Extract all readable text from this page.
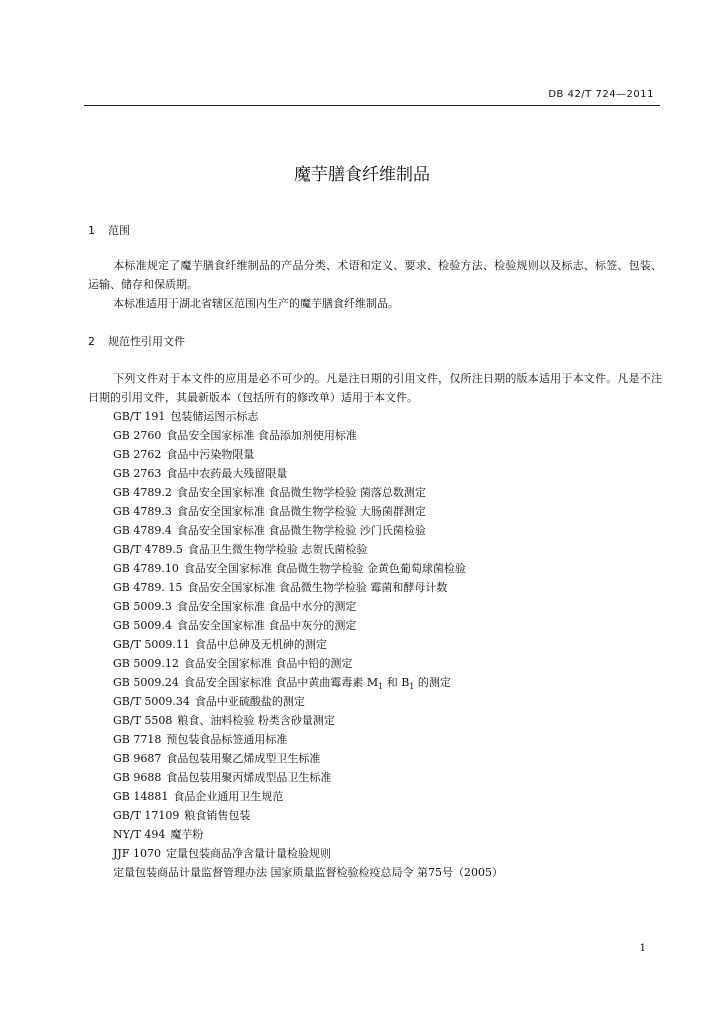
DB 42/T 724—2011
魔芋膳食纤维制品
1 范围
本标准规定了魔芋膳食纤维制品的产品分类、术语和定义、要求、检验方法、检验规则以及标志、标签、包装、运输、储存和保质期。
本标准适用于湖北省辖区范围内生产的魔芋膳食纤维制品。
2 规范性引用文件
下列文件对于本文件的应用是必不可少的。凡是注日期的引用文件，仅所注日期的版本适用于本文件。凡是不注日期的引用文件，其最新版本（包括所有的修改单）适用于本文件。
GB/T 191 包装储运图示标志
GB 2760 食品安全国家标准 食品添加剂使用标准
GB 2762 食品中污染物限量
GB 2763 食品中农药最大残留限量
GB 4789.2 食品安全国家标准 食品微生物学检验 菌落总数测定
GB 4789.3 食品安全国家标准 食品微生物学检验 大肠菌群测定
GB 4789.4 食品安全国家标准 食品微生物学检验 沙门氏菌检验
GB/T 4789.5 食品卫生微生物学检验 志贺氏菌检验
GB 4789.10 食品安全国家标准 食品微生物学检验 金黄色葡萄球菌检验
GB 4789. 15 食品安全国家标准 食品微生物学检验 霉菌和酵母计数
GB 5009.3 食品安全国家标准 食品中水分的测定
GB 5009.4 食品安全国家标准 食品中灰分的测定
GB/T 5009.11 食品中总砷及无机砷的测定
GB 5009.12 食品安全国家标准 食品中铅的测定
GB 5009.24 食品安全国家标准 食品中黄曲霉毒素 $M_1$ 和 $B_1$ 的测定
GB/T 5009.34 食品中亚硫酸盐的测定
GB/T 5508 粮食、油料检验 粉类含砂量测定
GB 7718 预包装食品标签通用标准
GB 9687 食品包装用聚乙烯成型卫生标准
GB 9688 食品包装用聚丙烯成型品卫生标准
GB 14881 食品企业通用卫生规范
GB/T 17109 粮食销售包装
NY/T 494 魔芋粉
JJF 1070 定量包装商品净含量计量检验规则
定量包装商品计量监督管理办法 国家质量监督检验检疫总局令 第75号（2005）
1
